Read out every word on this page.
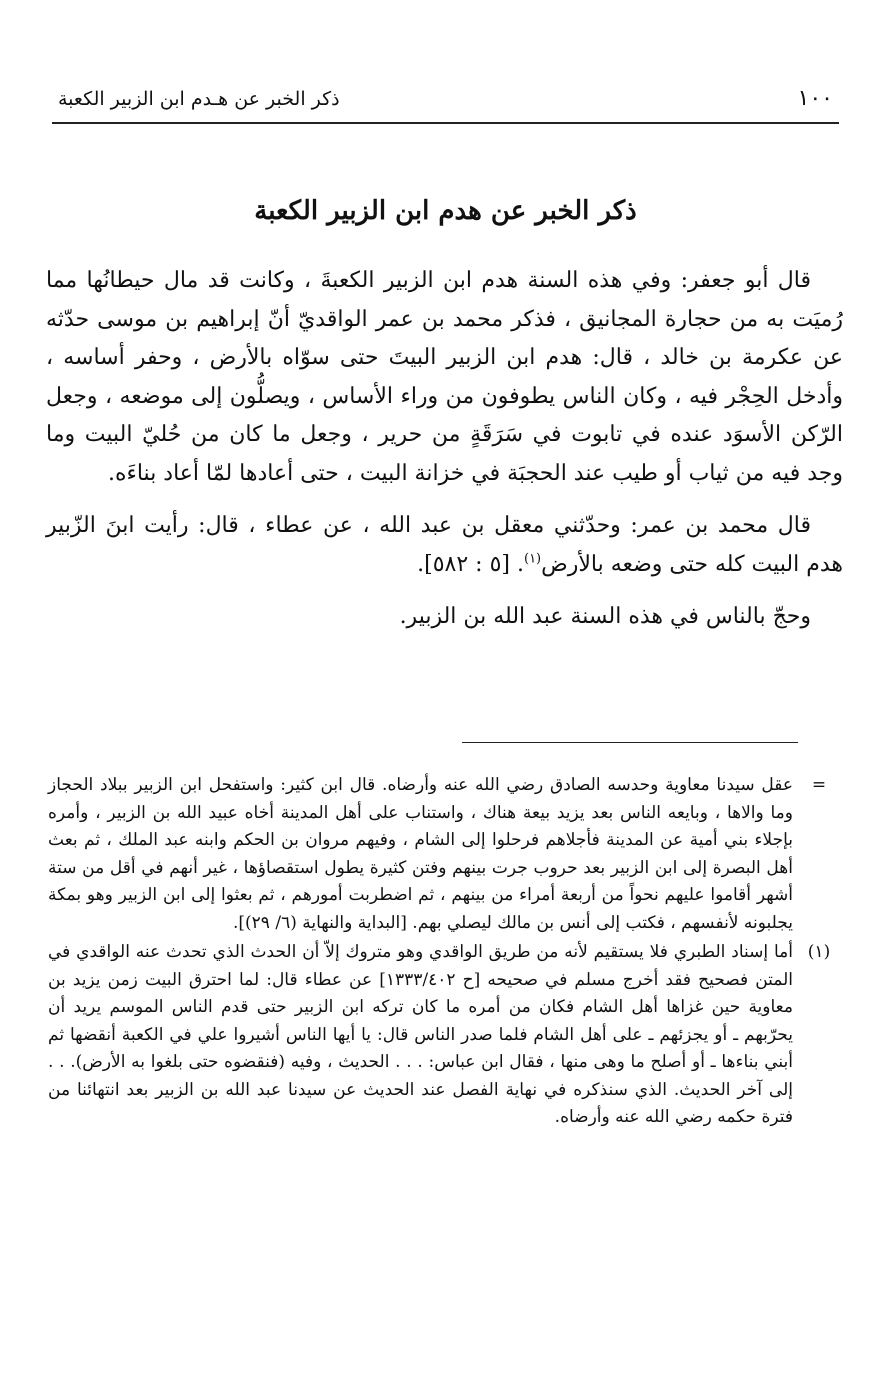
١٠٠
ذكر الخبر عن هـدم ابن الزبير الكعبة
ذكر الخبر عن هدم ابن الزبير الكعبة

قال أبو جعفر: وفي هذه السنة هدم ابن الزبير الكعبةَ ، وكانت قد مال حيطانُها مما رُميَت به من حجارة المجانيق ، فذكر محمد بن عمر الواقديّ أنّ إبراهيم بن موسى حدّثه عن عكرمة بن خالد ، قال: هدم ابن الزبير البيتَ حتى سوّاه بالأرض ، وحفر أساسه ، وأدخل الحِجْر فيه ، وكان الناس يطوفون من وراء الأساس ، ويصلُّون إلى موضعه ، وجعل الرّكن الأسوَد عنده في تابوت في سَرَقَةٍ من حرير ، وجعل ما كان من حُليّ البيت وما وجد فيه من ثياب أو طيب عند الحجبَة في خزانة البيت ، حتى أعادها لمّا أعاد بناءَه.

قال محمد بن عمر: وحدّثني معقل بن عبد الله ، عن عطاء ، قال: رأيت ابنَ الزّبير هدم البيت كله حتى وضعه بالأرض$^{(١)}$. [٥ : ٥٨٢].

وحجّ بالناس في هذه السنة عبد الله بن الزبير.

=

عقل سيدنا معاوية وحدسه الصادق رضي الله عنه وأرضاه. قال ابن كثير: واستفحل ابن الزبير ببلاد الحجاز وما والاها ، وبايعه الناس بعد يزيد بيعة هناك ، واستناب على أهل المدينة أخاه عبيد الله بن الزبير ، وأمره بإجلاء بني أمية عن المدينة فأجلاهم فرحلوا إلى الشام ، وفيهم مروان بن الحكم وابنه عبد الملك ، ثم بعث أهل البصرة إلى ابن الزبير بعد حروب جرت بينهم وفتن كثيرة يطول استقصاؤها ، غير أنهم في أقل من ستة أشهر أقاموا عليهم نحواً من أربعة أمراء من بينهم ، ثم اضطربت أمورهم ، ثم بعثوا إلى ابن الزبير وهو بمكة يجلبونه لأنفسهم ، فكتب إلى أنس بن مالك ليصلي بهم. [البداية والنهاية (٦/ ٢٩)].

(١)

أما إسناد الطبري فلا يستقيم لأنه من طريق الواقدي وهو متروك إلاّ أن الحدث الذي تحدث عنه الواقدي في المتن فصحيح فقد أخرج مسلم في صحيحه [ح ١٣٣٣/٤٠٢] عن عطاء قال: لما احترق البيت زمن يزيد بن معاوية حين غزاها أهل الشام فكان من أمره ما كان تركه ابن الزبير حتى قدم الناس الموسم يريد أن يحرّبهم ـ أو يجزئهم ـ على أهل الشام فلما صدر الناس قال: يا أيها الناس أشيروا علي في الكعبة أنقضها ثم أبني بناءها ـ أو أصلح ما وهى منها ، فقال ابن عباس: . . . الحديث ، وفيه (فنقضوه حتى بلغوا به الأرض). . . إلى آخر الحديث. الذي سنذكره في نهاية الفصل عند الحديث عن سيدنا عبد الله بن الزبير بعد انتهائنا من فترة حكمه رضي الله عنه وأرضاه.
